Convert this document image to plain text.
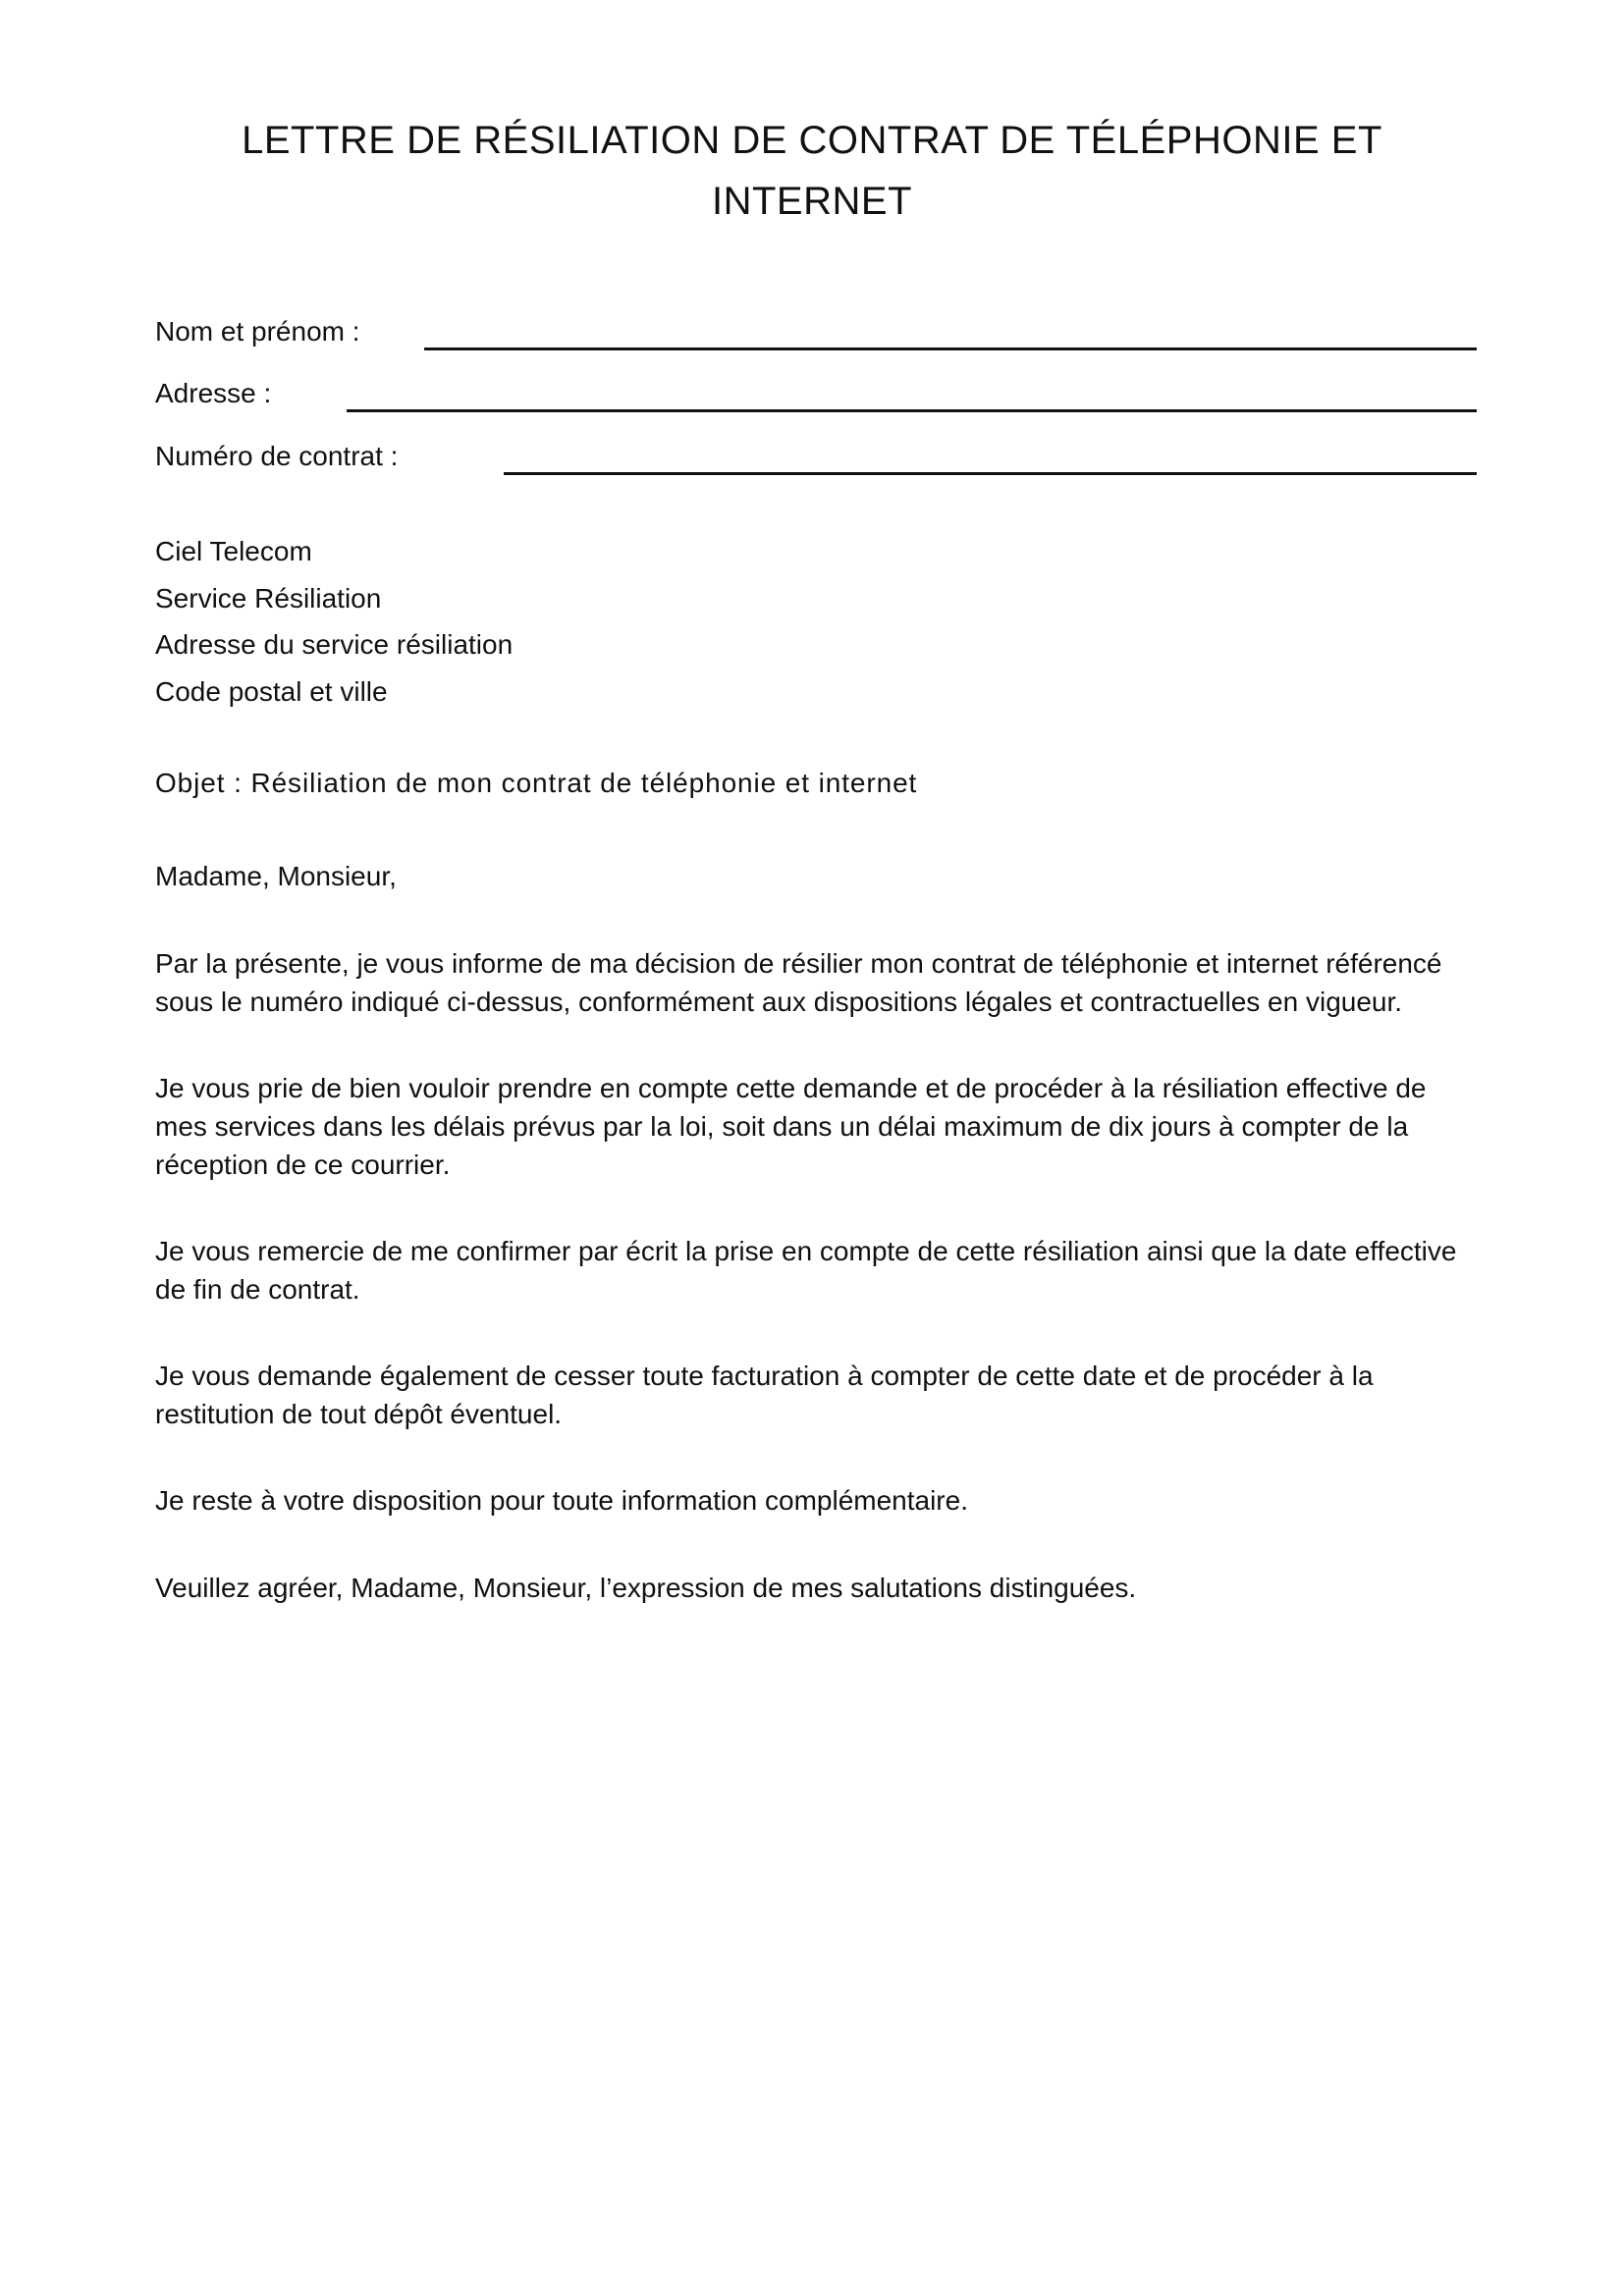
LETTRE DE RÉSILIATION DE CONTRAT DE TÉLÉPHONIE ET INTERNET
Nom et prénom :
Adresse :
Numéro de contrat :
Ciel Telecom
Service Résiliation
Adresse du service résiliation
Code postal et ville

Objet : Résiliation de mon contrat de téléphonie et internet

Madame, Monsieur,

Par la présente, je vous informe de ma décision de résilier mon contrat de téléphonie et internet référencé sous le numéro indiqué ci-dessus, conformément aux dispositions légales et contractuelles en vigueur.

Je vous prie de bien vouloir prendre en compte cette demande et de procéder à la résiliation effective de mes services dans les délais prévus par la loi, soit dans un délai maximum de dix jours à compter de la réception de ce courrier.

Je vous remercie de me confirmer par écrit la prise en compte de cette résiliation ainsi que la date effective de fin de contrat.

Je vous demande également de cesser toute facturation à compter de cette date et de procéder à la restitution de tout dépôt éventuel.

Je reste à votre disposition pour toute information complémentaire.

Veuillez agréer, Madame, Monsieur, l’expression de mes salutations distinguées.
